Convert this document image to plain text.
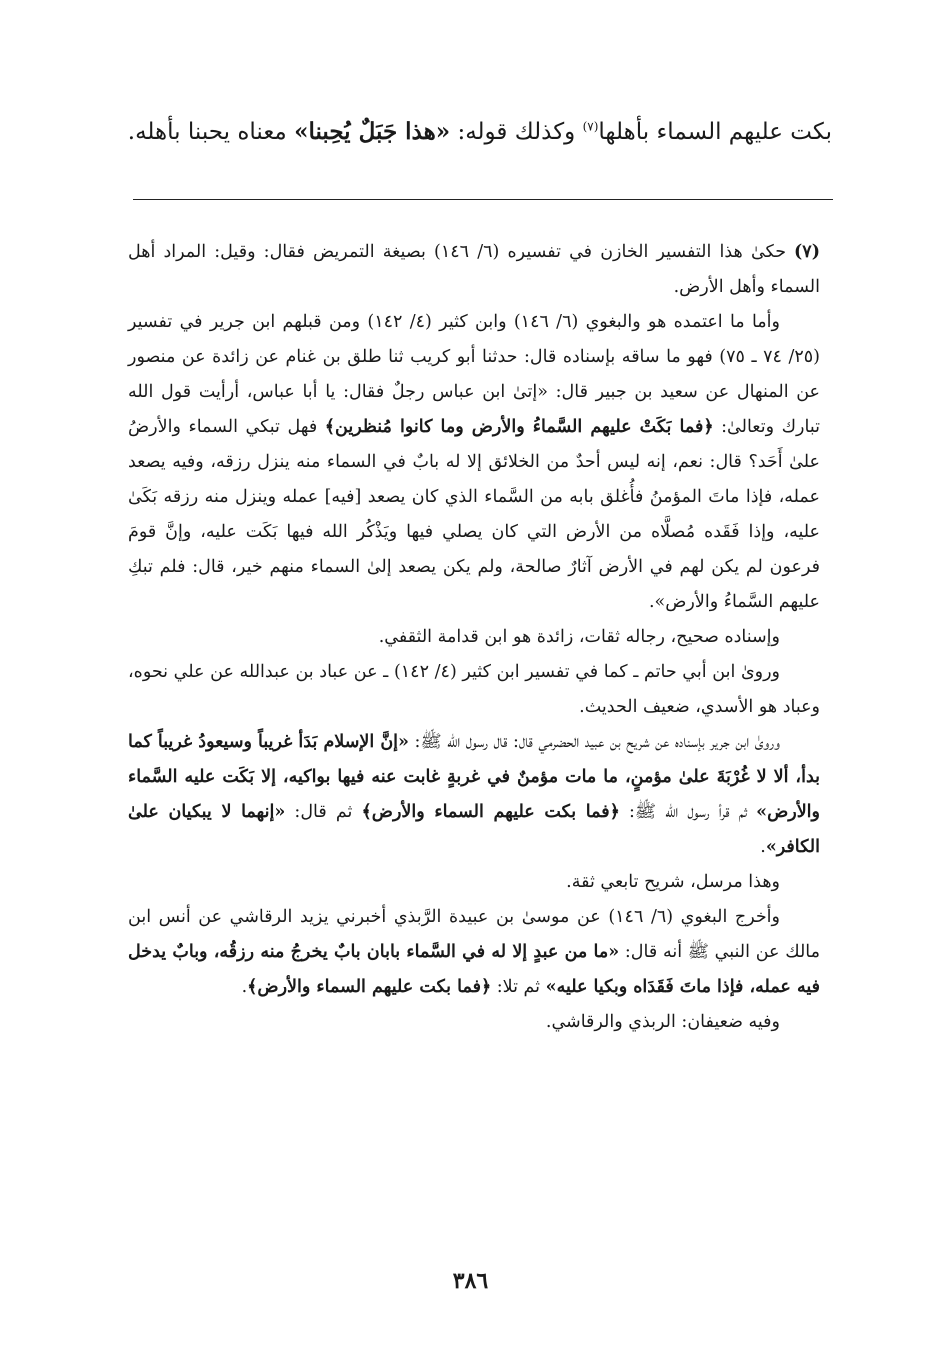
بكت عليهم السماء بأهلها$^{(٧)}$ وكذلك قوله: «هذا جَبَلٌ يُحِبنا» معناه يحبنا بأهله.

(٧)حكىٰ هذا التفسير الخازن في تفسيره (٦/ ١٤٦) بصيغة التمريض فقال: وقيل: المراد أهل السماء وأهل الأرض.

وأما ما اعتمده هو والبغوي (٦/ ١٤٦) وابن كثير (٤/ ١٤٢) ومن قبلهم ابن جرير في تفسير (٢٥/ ٧٤ ـ ٧٥) فهو ما ساقه بإسناده قال: حدثنا أبو كريب ثنا طلق بن غنام عن زائدة عن منصور عن المنهال عن سعيد بن جبير قال: «إتىٰ ابن عباس رجلٌ فقال: يا أبا عباس، أرأيت قول الله تبارك وتعالىٰ: ﴿فما بَكَتْ عليهم السَّماءُ والأرض وما كانوا مُنظرين﴾ فهل تبكي السماء والأرضُ علىٰ أَحَد؟ قال: نعم، إنه ليس أحدٌ من الخلائق إلا له بابٌ في السماء منه ينزل رزقه، وفيه يصعد عمله، فإذا ماتَ المؤمنُ فأُغلق بابه من السَّماء الذي كان يصعد [فيه] عمله وينزل منه رزقه بَكَىٰ عليه، وإذا فَقَده مُصلَّاه من الأرض التي كان يصلي فيها ويَذْكُر الله فيها بَكَت عليه، وإنَّ قومَ فرعون لم يكن لهم في الأرض آثارٌ صالحة، ولم يكن يصعد إلىٰ السماء منهم خير، قال: فلم تبكِ عليهم السَّماءُ والأرض».

وإسناده صحيح، رجاله ثقات، زائدة هو ابن قدامة الثقفي.

وروىٰ ابن أبي حاتم ـ كما في تفسير ابن كثير (٤/ ١٤٢) ـ عن عباد بن عبدالله عن علي نحوه، وعباد هو الأسدي، ضعيف الحديث.

وروىٰ ابن جرير بإسناده عن شريح بن عبيد الحضرمي قال: قال رسول الله ﷺ: «إنَّ الإسلام بَدَأ غريباً وسيعودُ غريباً كما بدأ، ألا لا غُرْبَةَ علىٰ مؤمنٍ، ما مات مؤمنٌ في غربةٍ غابت عنه فيها بواكيه، إلا بَكَت عليه السَّماء والأرض» ثم قرأ رسول الله ﷺ: ﴿فما بكت عليهم السماء والأرض﴾ ثم قال: «إنهما لا يبكيان علىٰ الكافر».

وهذا مرسل، شريح تابعي ثقة.

وأخرج البغوي (٦/ ١٤٦) عن موسىٰ بن عبيدة الرَّبذي أخبرني يزيد الرقاشي عن أنس ابن مالك عن النبي ﷺ أنه قال: «ما من عبدٍ إلا له في السَّماء بابان بابٌ يخرجُ منه رزقُه، وبابٌ يدخل فيه عمله، فإذا ماتَ فَقَدَاه وبكيا عليه» ثم تلا: ﴿فما بكت عليهم السماء والأرض﴾.

وفيه ضعيفان: الربذي والرقاشي.

٣٨٦
